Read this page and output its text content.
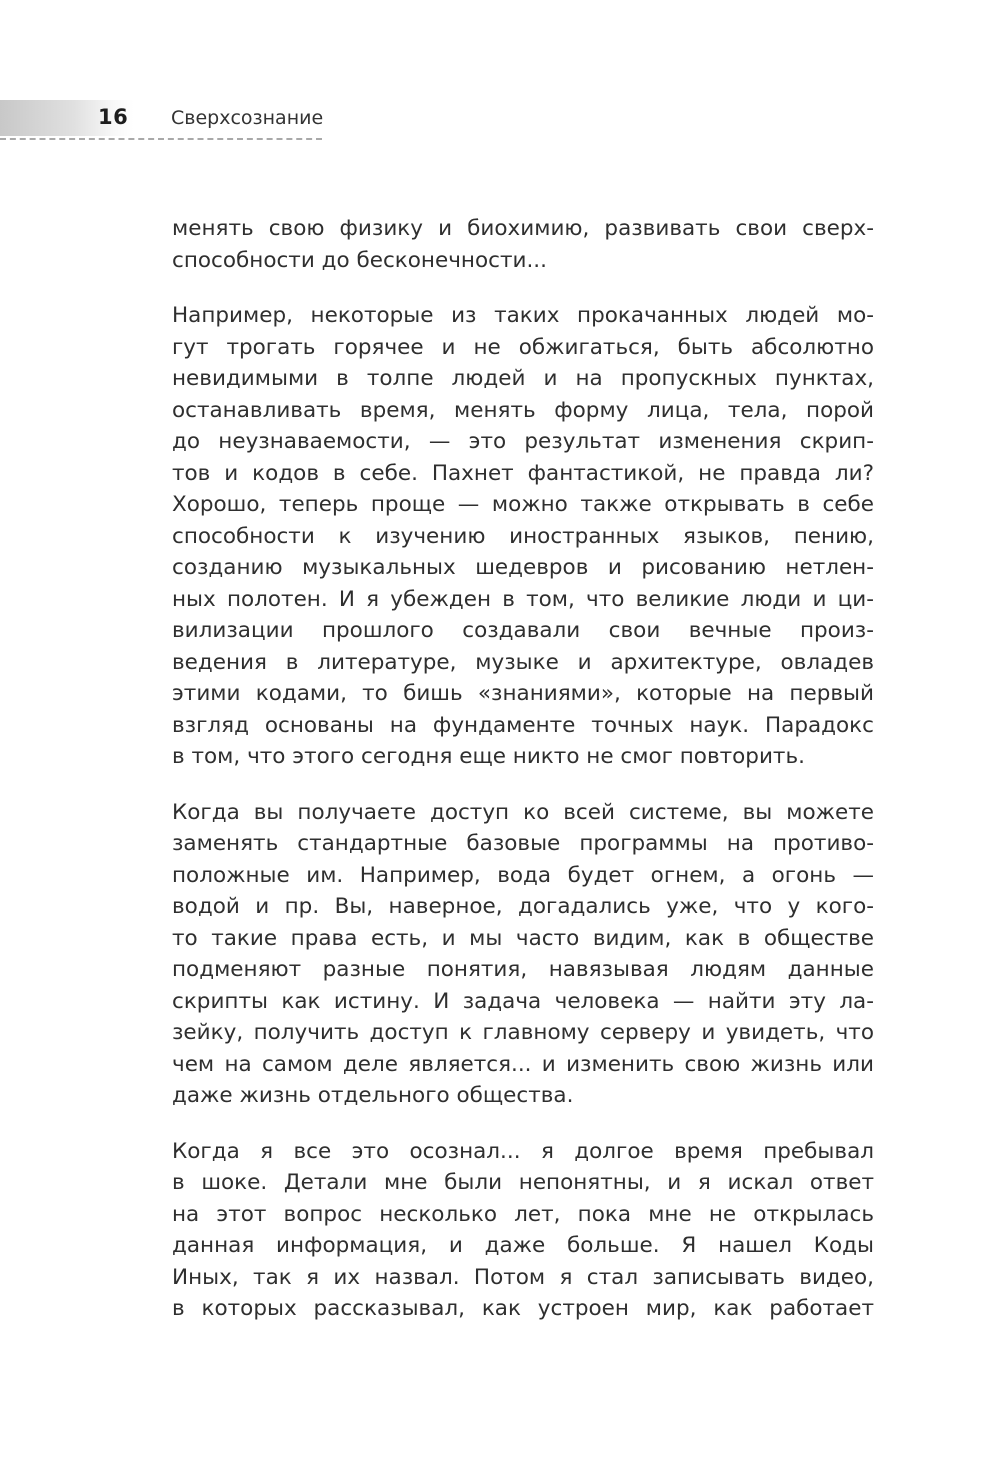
16 Сверхсознание
менять свою физику и биохимию, развивать свои сверх-
способности до бесконечности...
Например, некоторые из таких прокачанных людей мо-
гут трогать горячее и не обжигаться, быть абсолютно
невидимыми в толпе людей и на пропускных пунктах,
останавливать время, менять форму лица, тела, порой
до неузнаваемости, — это результат изменения скрип-
тов и кодов в себе. Пахнет фантастикой, не правда ли?
Хорошо, теперь проще — можно также открывать в себе
способности к изучению иностранных языков, пению,
созданию музыкальных шедевров и рисованию нетлен-
ных полотен. И я убежден в том, что великие люди и ци-
вилизации прошлого создавали свои вечные произ-
ведения в литературе, музыке и архитектуре, овладев
этими кодами, то бишь «знаниями», которые на первый
взгляд основаны на фундаменте точных наук. Парадокс
в том, что этого сегодня еще никто не смог повторить.
Когда вы получаете доступ ко всей системе, вы можете
заменять стандартные базовые программы на противо-
положные им. Например, вода будет огнем, а огонь —
водой и пр. Вы, наверное, догадались уже, что у кого-
то такие права есть, и мы часто видим, как в обществе
подменяют разные понятия, навязывая людям данные
скрипты как истину. И задача человека — найти эту ла-
зейку, получить доступ к главному серверу и увидеть, что
чем на самом деле является... и изменить свою жизнь или
даже жизнь отдельного общества.
Когда я все это осознал... я долгое время пребывал
в шоке. Детали мне были непонятны, и я искал ответ
на этот вопрос несколько лет, пока мне не открылась
данная информация, и даже больше. Я нашел Коды
Иных, так я их назвал. Потом я стал записывать видео,
в которых рассказывал, как устроен мир, как работает
